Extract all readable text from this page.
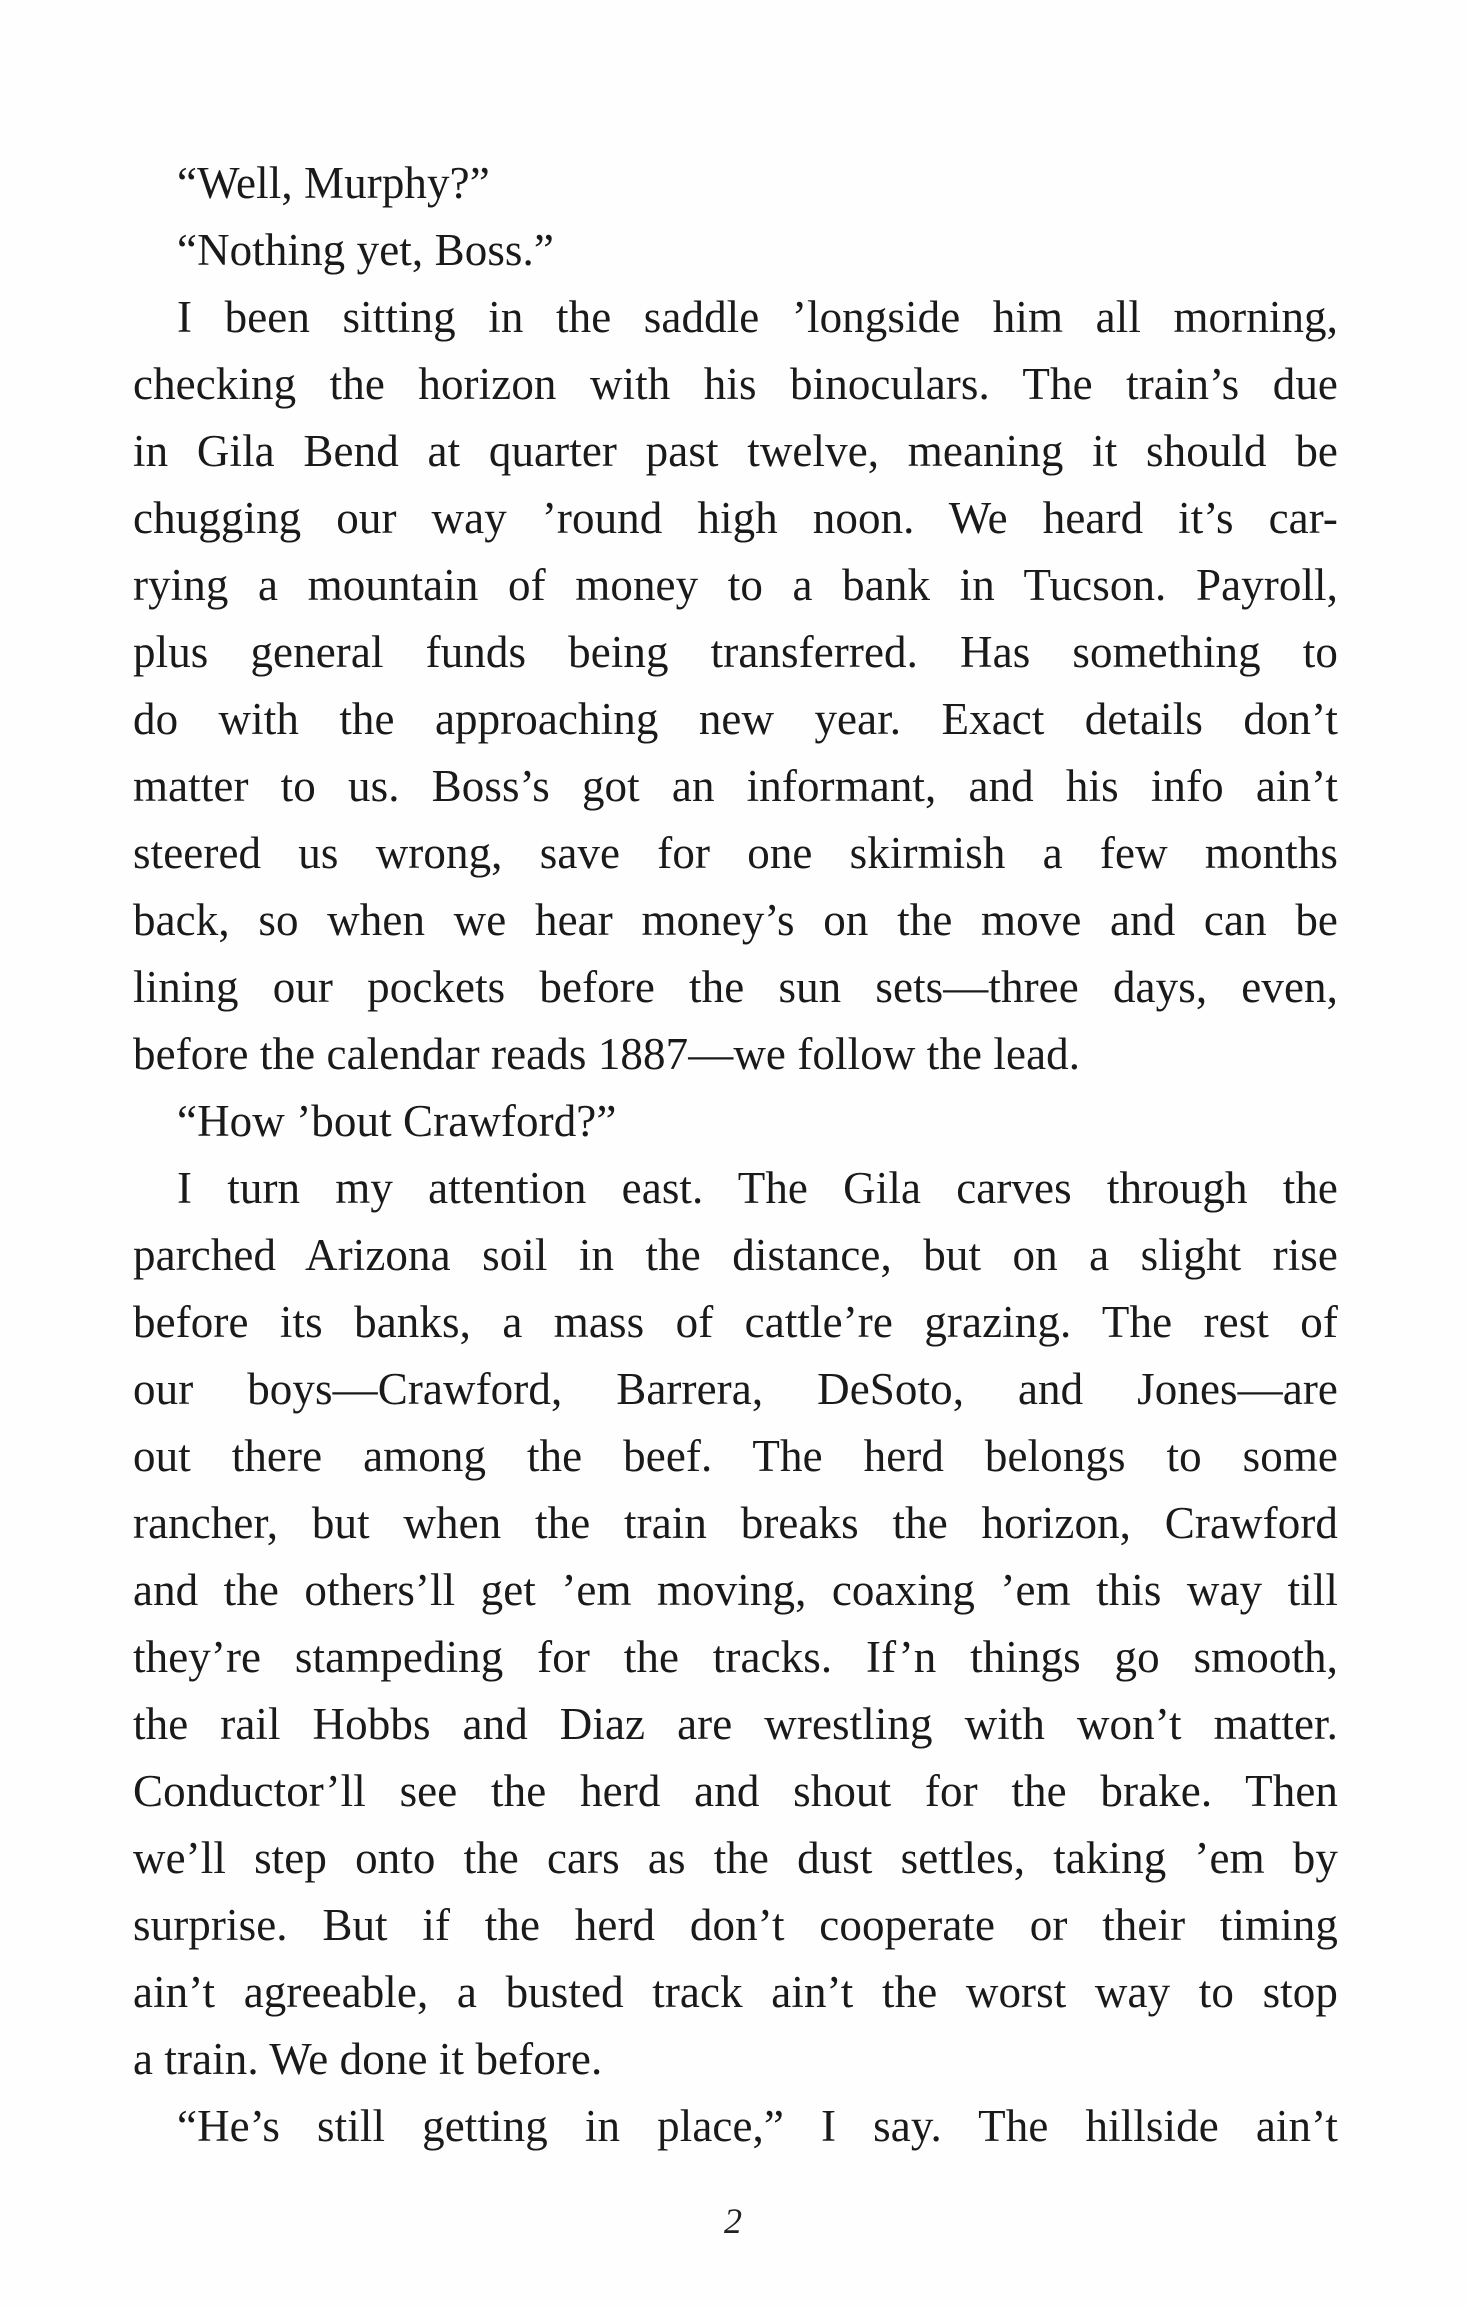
“Well, Murphy?”
“Nothing yet, Boss.”
I been sitting in the saddle ’longside him all morning,
checking the horizon with his binoculars. The train’s due
in Gila Bend at quarter past twelve, meaning it should be
chugging our way ’round high noon. We heard it’s car-
rying a mountain of money to a bank in Tucson. Payroll,
plus general funds being transferred. Has something to
do with the approaching new year. Exact details don’t
matter to us. Boss’s got an informant, and his info ain’t
steered us wrong, save for one skirmish a few months
back, so when we hear money’s on the move and can be
lining our pockets before the sun sets—three days, even,
before the calendar reads 1887—we follow the lead.
“How ’bout Crawford?”
I turn my attention east. The Gila carves through the
parched Arizona soil in the distance, but on a slight rise
before its banks, a mass of cattle’re grazing. The rest of
our boys—Crawford, Barrera, DeSoto, and Jones—are
out there among the beef. The herd belongs to some
rancher, but when the train breaks the horizon, Crawford
and the others’ll get ’em moving, coaxing ’em this way till
they’re stampeding for the tracks. If’n things go smooth,
the rail Hobbs and Diaz are wrestling with won’t matter.
Conductor’ll see the herd and shout for the brake. Then
we’ll step onto the cars as the dust settles, taking ’em by
surprise. But if the herd don’t cooperate or their timing
ain’t agreeable, a busted track ain’t the worst way to stop
a train. We done it before.
“He’s still getting in place,” I say. The hillside ain’t
2
